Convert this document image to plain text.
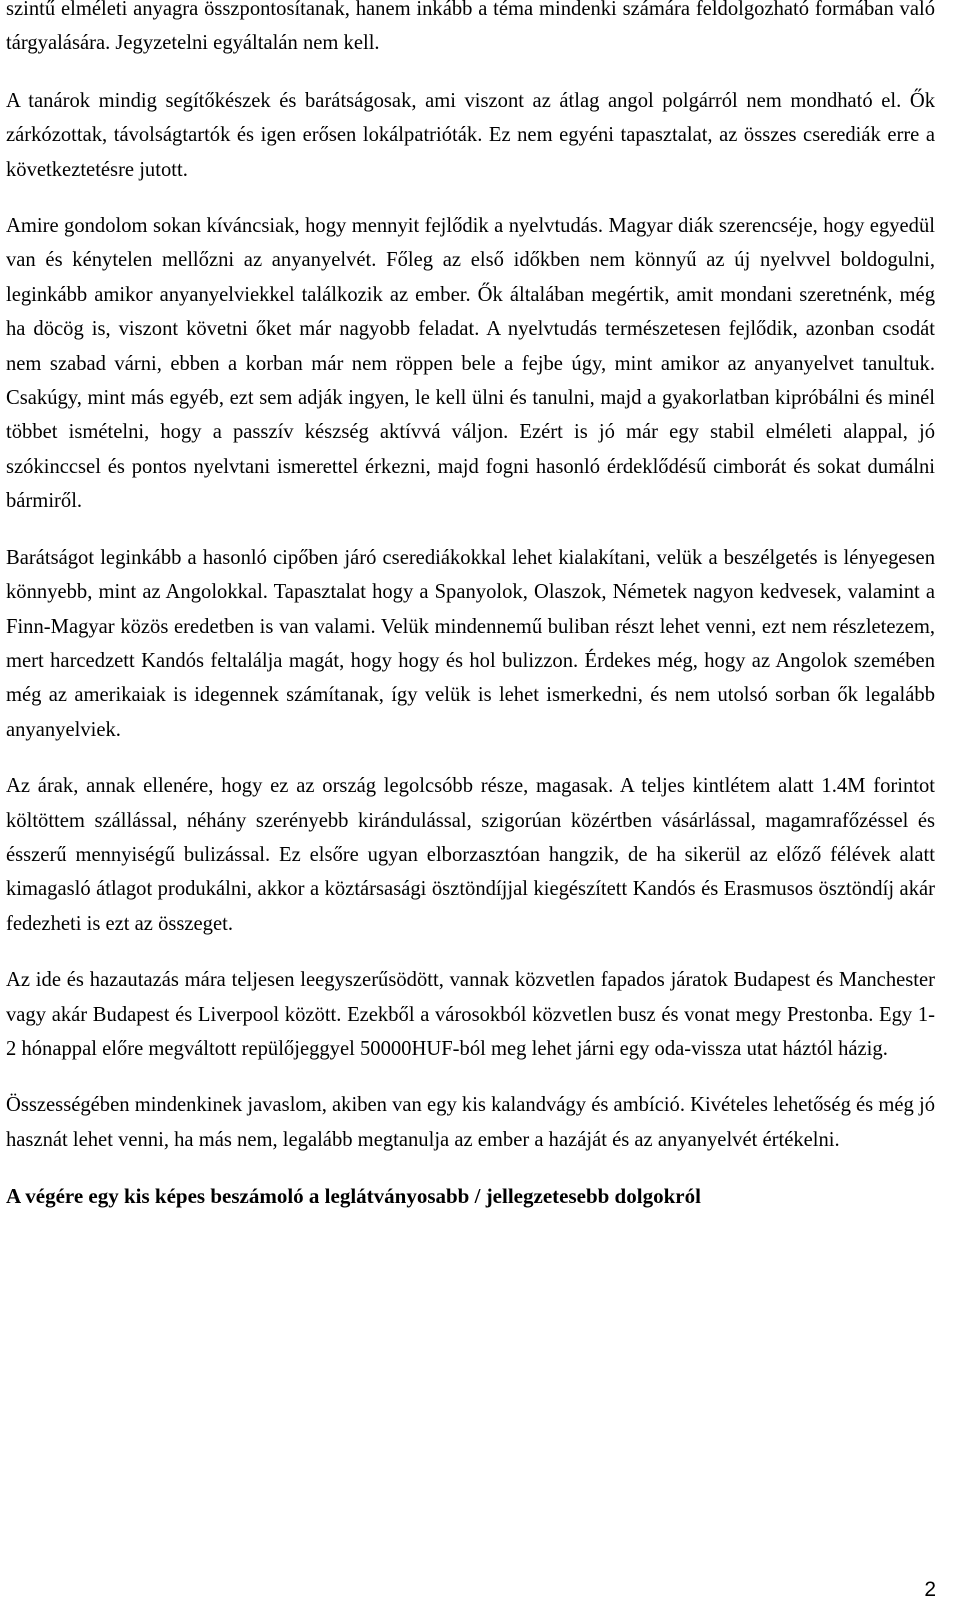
szintű elméleti anyagra összpontosítanak, hanem inkább a téma mindenki számára feldolgozható formában való tárgyalására. Jegyzetelni egyáltalán nem kell.

A tanárok mindig segítőkészek és barátságosak, ami viszont az átlag angol polgárról nem mondható el. Ők zárkózottak, távolságtartók és igen erősen lokálpatrióták. Ez nem egyéni tapasztalat, az összes cserediák erre a következtetésre jutott.

Amire gondolom sokan kíváncsiak, hogy mennyit fejlődik a nyelvtudás. Magyar diák szerencséje, hogy egyedül van és kénytelen mellőzni az anyanyelvét. Főleg az első időkben nem könnyű az új nyelvvel boldogulni, leginkább amikor anyanyelviekkel találkozik az ember. Ők általában megértik, amit mondani szeretnénk, még ha döcög is, viszont követni őket már nagyobb feladat. A nyelvtudás természetesen fejlődik, azonban csodát nem szabad várni, ebben a korban már nem röppen bele a fejbe úgy, mint amikor az anyanyelvet tanultuk. Csakúgy, mint más egyéb, ezt sem adják ingyen, le kell ülni és tanulni, majd a gyakorlatban kipróbálni és minél többet ismételni, hogy a passzív készség aktívvá váljon. Ezért is jó már egy stabil elméleti alappal, jó szókinccsel és pontos nyelvtani ismerettel érkezni, majd fogni hasonló érdeklődésű cimborát és sokat dumálni bármiről.

Barátságot leginkább a hasonló cipőben járó cserediákokkal lehet kialakítani, velük a beszélgetés is lényegesen könnyebb, mint az Angolokkal. Tapasztalat hogy a Spanyolok, Olaszok, Németek nagyon kedvesek, valamint a Finn-Magyar közös eredetben is van valami. Velük mindennemű buliban részt lehet venni, ezt nem részletezem, mert harcedzett Kandós feltalálja magát, hogy hogy és hol bulizzon. Érdekes még, hogy az Angolok szemében még az amerikaiak is idegennek számítanak, így velük is lehet ismerkedni, és nem utolsó sorban ők legalább anyanyelviek.

Az árak, annak ellenére, hogy ez az ország legolcsóbb része, magasak. A teljes kintlétem alatt 1.4M forintot költöttem szállással, néhány szerényebb kirándulással, szigorúan közértben vásárlással, magamrafőzéssel és ésszerű mennyiségű bulizással. Ez elsőre ugyan elborzasztóan hangzik, de ha sikerül az előző félévek alatt kimagasló átlagot produkálni, akkor a köztársasági ösztöndíjjal kiegészített Kandós és Erasmusos ösztöndíj akár fedezheti is ezt az összeget.

Az ide és hazautazás mára teljesen leegyszerűsödött, vannak közvetlen fapados járatok Budapest és Manchester vagy akár Budapest és Liverpool között. Ezekből a városokból közvetlen busz és vonat megy Prestonba. Egy 1-2 hónappal előre megváltott repülőjeggyel 50000HUF-ból meg lehet járni egy oda-vissza utat háztól házig.

Összességében mindenkinek javaslom, akiben van egy kis kalandvágy és ambíció. Kivételes lehetőség és még jó hasznát lehet venni, ha más nem, legalább megtanulja az ember a hazáját és az anyanyelvét értékelni.

A végére egy kis képes beszámoló a leglátványosabb / jellegzetesebb dolgokról

2
